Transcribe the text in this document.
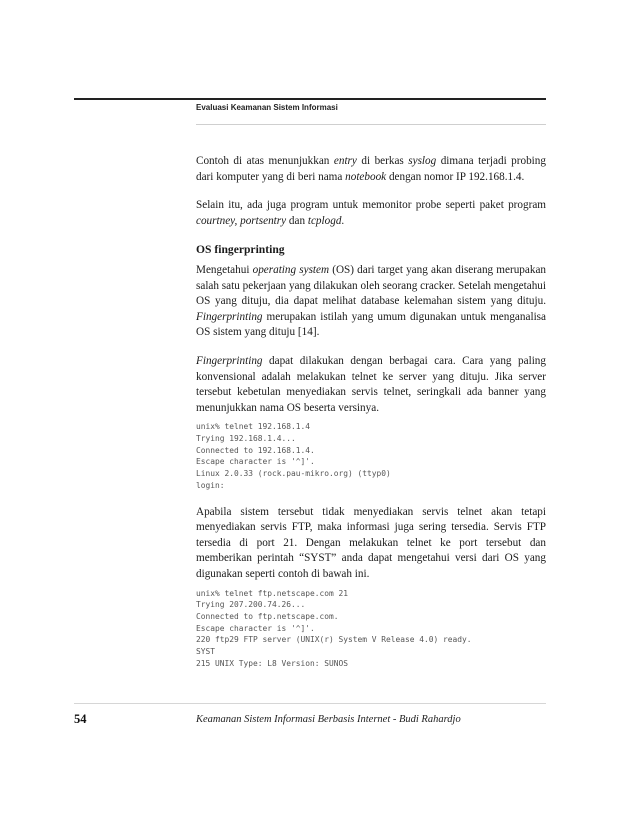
Evaluasi Keamanan Sistem Informasi

Contoh di atas menunjukkan entry di berkas syslog dimana terjadi probing dari komputer yang di beri nama notebook dengan nomor IP 192.168.1.4.

Selain itu, ada juga program untuk memonitor probe seperti paket program courtney, portsentry dan tcplogd.

OS fingerprinting

Mengetahui operating system (OS) dari target yang akan diserang merupakan salah satu pekerjaan yang dilakukan oleh seorang cracker. Setelah mengetahui OS yang dituju, dia dapat melihat database kelemahan sistem yang dituju. Fingerprinting merupakan istilah yang umum digunakan untuk menganalisa OS sistem yang dituju [14].

Fingerprinting dapat dilakukan dengan berbagai cara. Cara yang paling konvensional adalah melakukan telnet ke server yang dituju. Jika server tersebut kebetulan menyediakan servis telnet, seringkali ada banner yang menunjukkan nama OS beserta versinya.

unix% telnet 192.168.1.4
Trying 192.168.1.4...
Connected to 192.168.1.4.
Escape character is '^]'.
Linux 2.0.33 (rock.pau-mikro.org) (ttyp0)
login:

Apabila sistem tersebut tidak menyediakan servis telnet akan tetapi menyediakan servis FTP, maka informasi juga sering tersedia. Servis FTP tersedia di port 21. Dengan melakukan telnet ke port tersebut dan memberikan perintah “SYST” anda dapat mengetahui versi dari OS yang digunakan seperti contoh di bawah ini.

unix% telnet ftp.netscape.com 21
Trying 207.200.74.26...
Connected to ftp.netscape.com.
Escape character is '^]'.
220 ftp29 FTP server (UNIX(r) System V Release 4.0) ready.
SYST
215 UNIX Type: L8 Version: SUNOS
54	Keamanan Sistem Informasi Berbasis Internet - Budi Rahardjo
